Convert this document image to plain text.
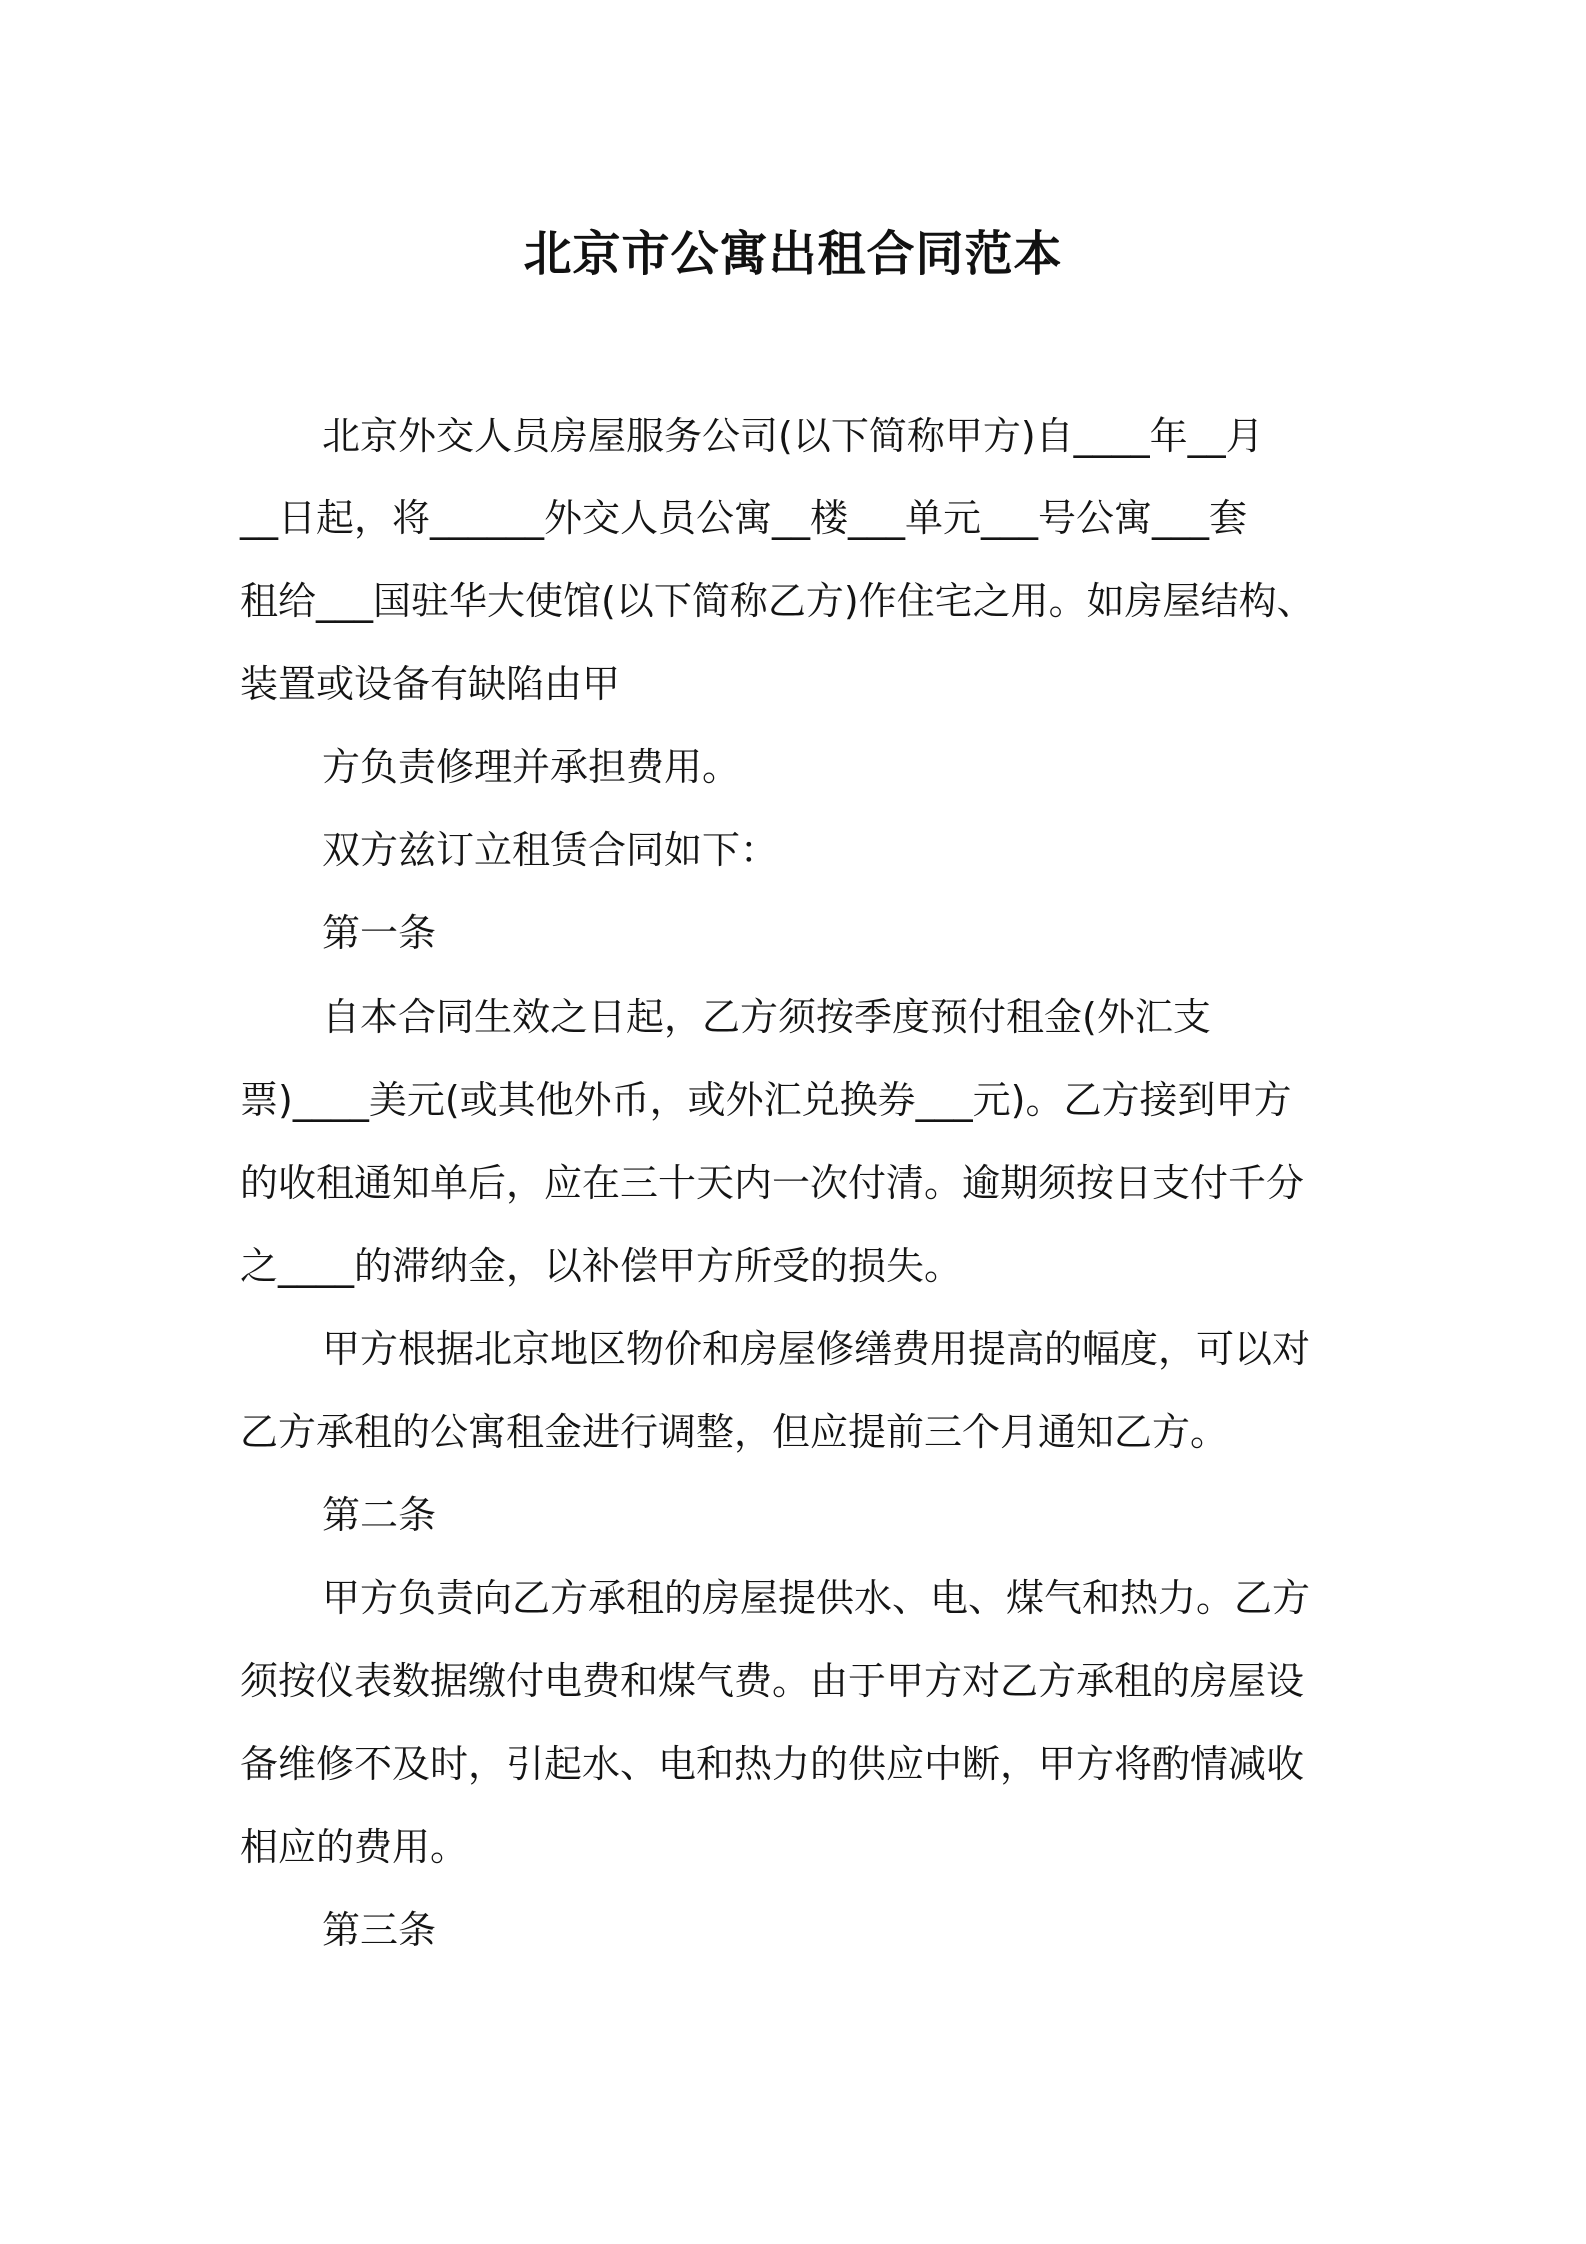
北京市公寓出租合同范本
北京外交人员房屋服务公司(以下简称甲方)自____年__月
__日起，将______外交人员公寓__楼___单元___号公寓___套
租给___国驻华大使馆(以下简称乙方)作住宅之用。如房屋结构、
装置或设备有缺陷由甲
方负责修理并承担费用。
双方兹订立租赁合同如下：
第一条
自本合同生效之日起，乙方须按季度预付租金(外汇支
票)____美元(或其他外币，或外汇兑换券___元)。乙方接到甲方
的收租通知单后，应在三十天内一次付清。逾期须按日支付千分
之____的滞纳金，以补偿甲方所受的损失。
甲方根据北京地区物价和房屋修缮费用提高的幅度，可以对
乙方承租的公寓租金进行调整，但应提前三个月通知乙方。
第二条
甲方负责向乙方承租的房屋提供水、电、煤气和热力。乙方
须按仪表数据缴付电费和煤气费。由于甲方对乙方承租的房屋设
备维修不及时，引起水、电和热力的供应中断，甲方将酌情减收
相应的费用。
第三条
